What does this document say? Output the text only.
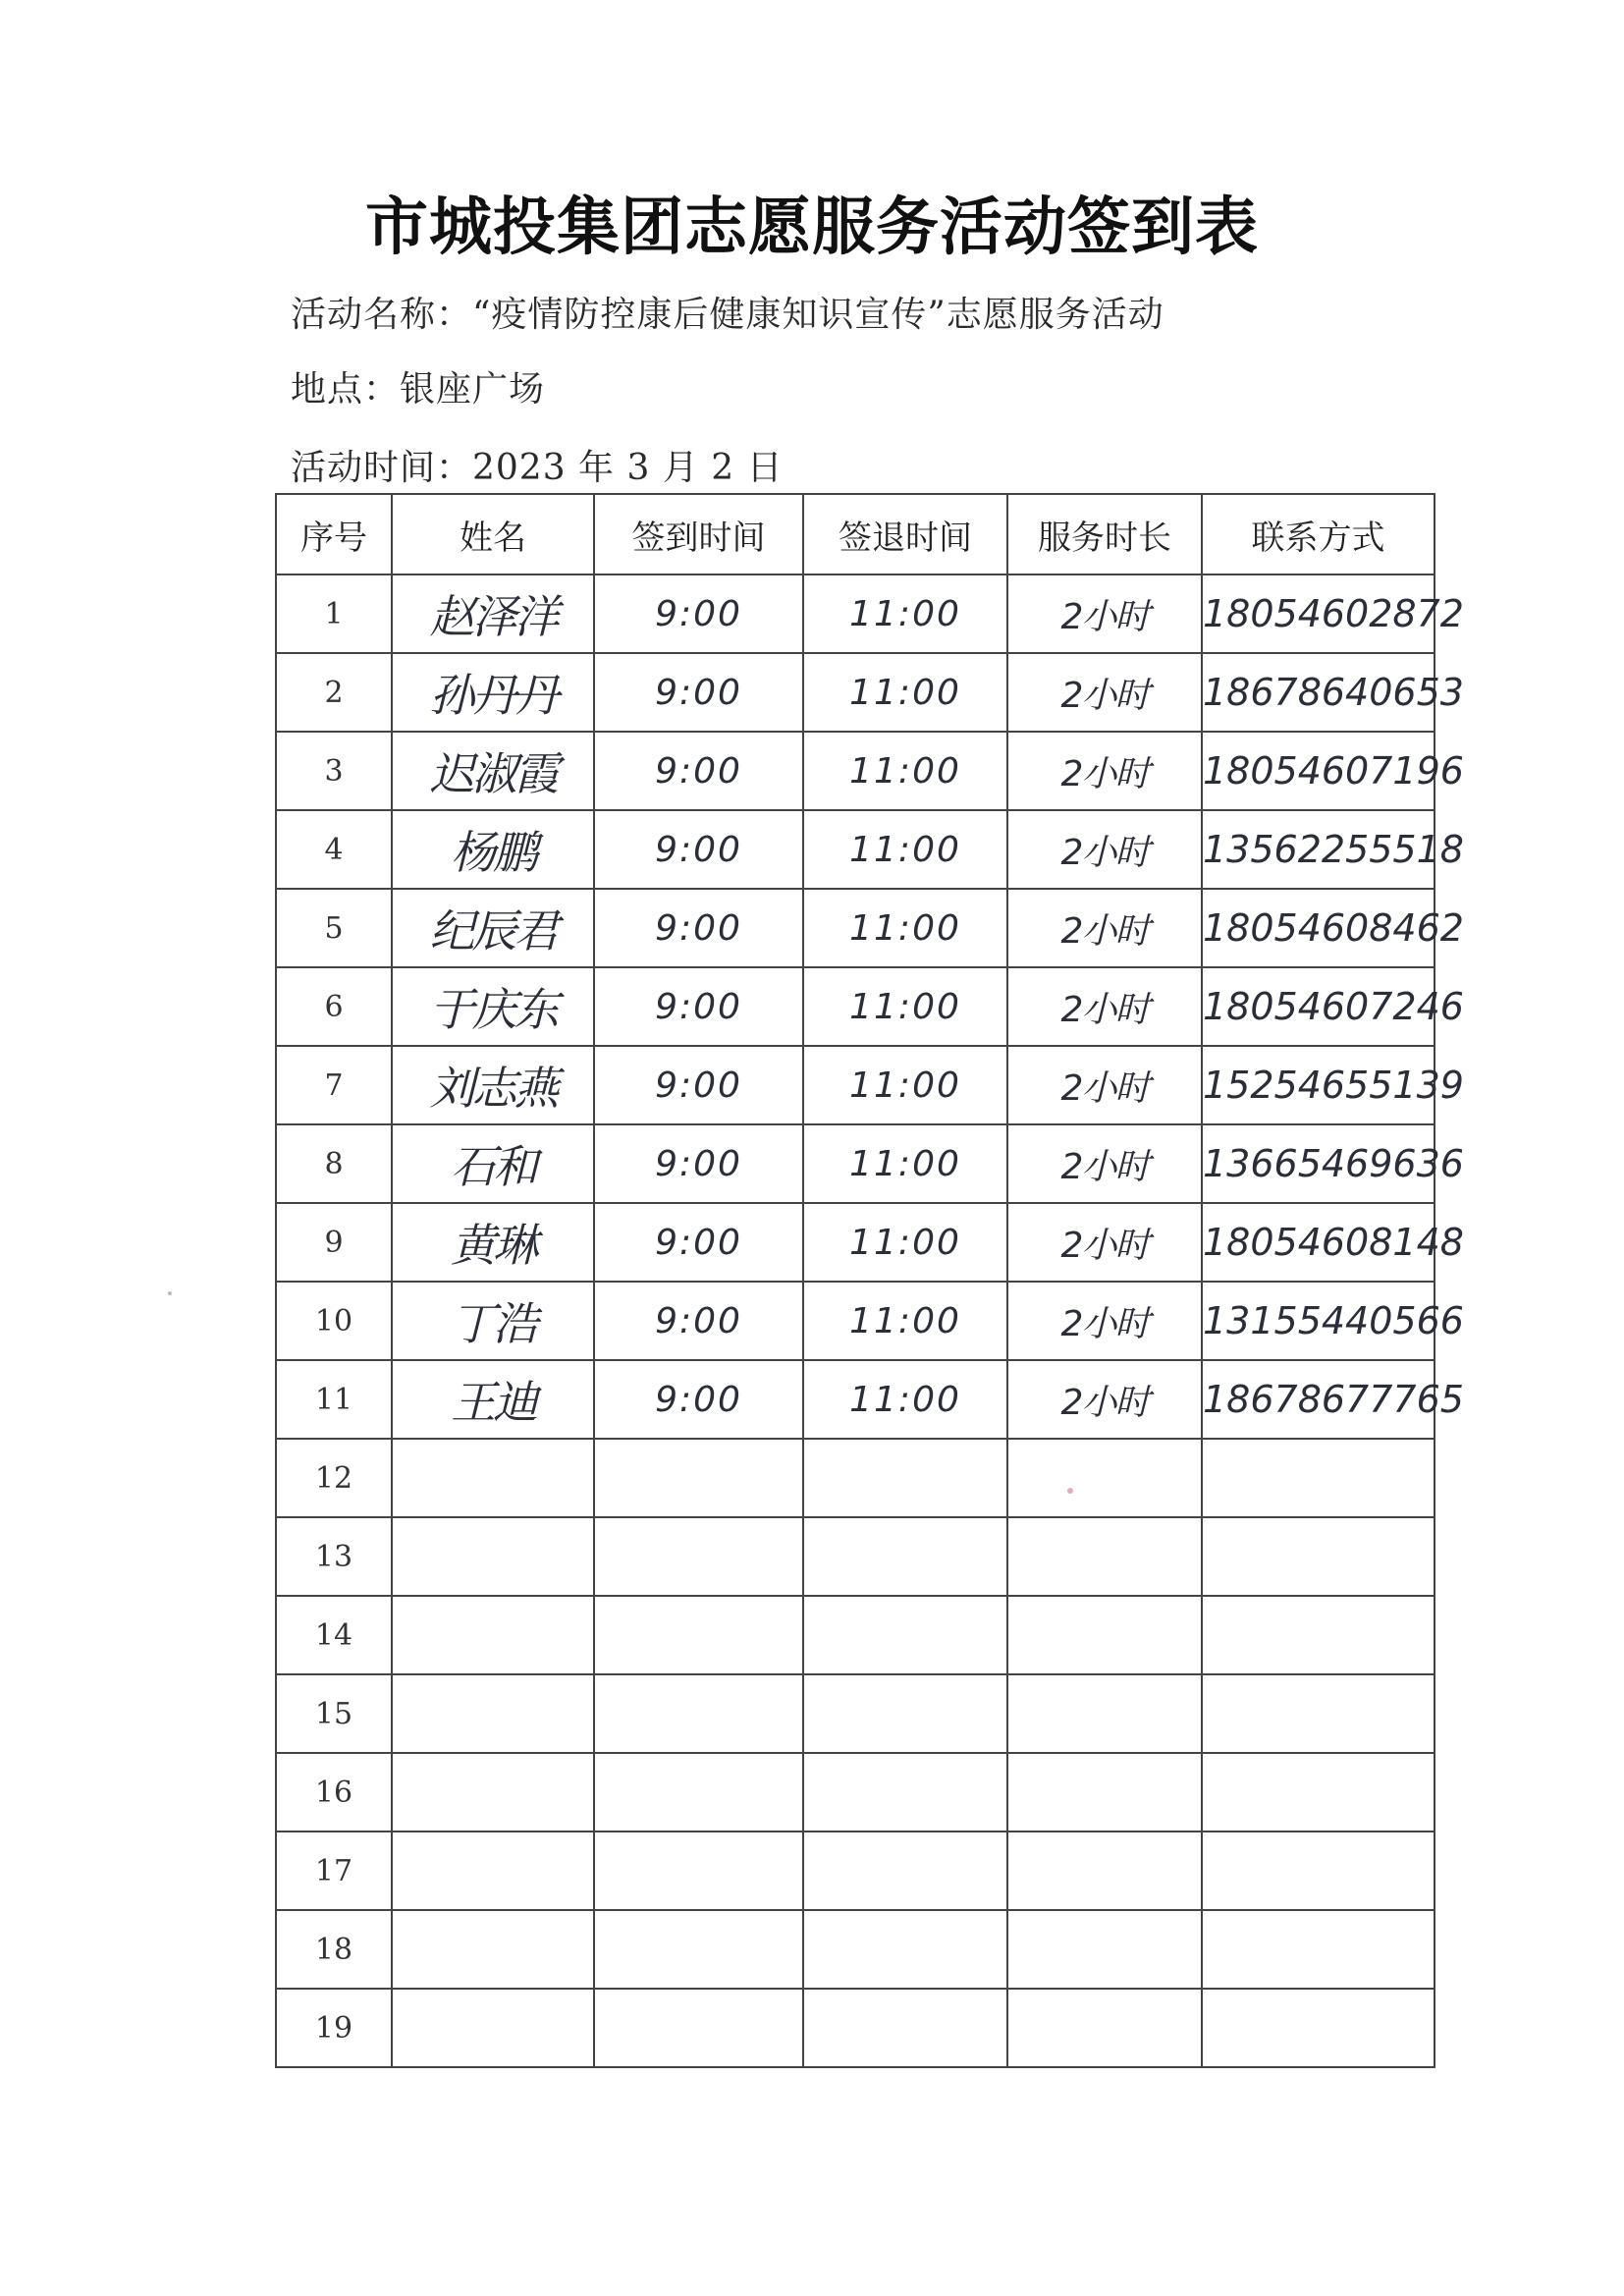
市城投集团志愿服务活动签到表
活动名称：“疫情防控康后健康知识宣传”志愿服务活动
地点：银座广场
活动时间：2023 年 3 月 2 日
序号	姓名	签到时间	签退时间	服务时长	联系方式
1	赵泽洋	9:00	11:00	2小时	18054602872
2	孙丹丹	9:00	11:00	2小时	18678640653
3	迟淑霞	9:00	11:00	2小时	18054607196
4	杨鹏	9:00	11:00	2小时	13562255518
5	纪辰君	9:00	11:00	2小时	18054608462
6	于庆东	9:00	11:00	2小时	18054607246
7	刘志燕	9:00	11:00	2小时	15254655139
8	石和	9:00	11:00	2小时	13665469636
9	黄琳	9:00	11:00	2小时	18054608148
10	丁浩	9:00	11:00	2小时	13155440566
11	王迪	9:00	11:00	2小时	18678677765
12					
13					
14					
15					
16					
17					
18					
19					
